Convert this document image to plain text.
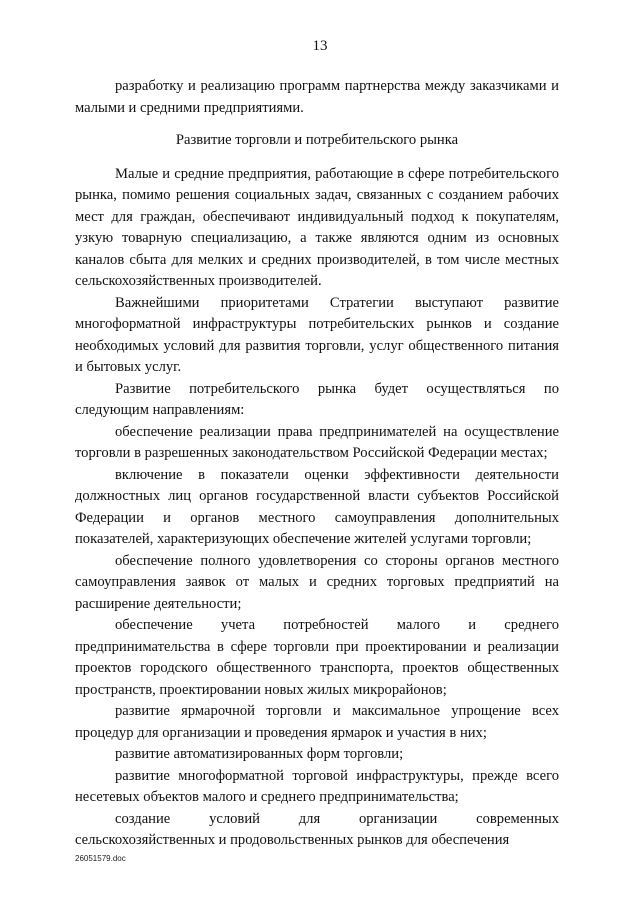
13

разработку и реализацию программ партнерства между заказчиками и малыми и средними предприятиями.

Развитие торговли и потребительского рынка

Малые и средние предприятия, работающие в сфере потребительского рынка, помимо решения социальных задач, связанных с созданием рабочих мест для граждан, обеспечивают индивидуальный подход к покупателям, узкую товарную специализацию, а также являются одним из основных каналов сбыта для мелких и средних производителей, в том числе местных сельскохозяйственных производителей.

Важнейшими приоритетами Стратегии выступают развитие многоформатной инфраструктуры потребительских рынков и создание необходимых условий для развития торговли, услуг общественного питания и бытовых услуг.

Развитие потребительского рынка будет осуществляться по следующим направлениям:

обеспечение реализации права предпринимателей на осуществление торговли в разрешенных законодательством Российской Федерации местах;

включение в показатели оценки эффективности деятельности должностных лиц органов государственной власти субъектов Российской Федерации и органов местного самоуправления дополнительных показателей, характеризующих обеспечение жителей услугами торговли;

обеспечение полного удовлетворения со стороны органов местного самоуправления заявок от малых и средних торговых предприятий на расширение деятельности;

обеспечение учета потребностей малого и среднего предпринимательства в сфере торговли при проектировании и реализации проектов городского общественного транспорта, проектов общественных пространств, проектировании новых жилых микрорайонов;

развитие ярмарочной торговли и максимальное упрощение всех процедур для организации и проведения ярмарок и участия в них;

развитие автоматизированных форм торговли;

развитие многоформатной торговой инфраструктуры, прежде всего несетевых объектов малого и среднего предпринимательства;

создание условий для организации современных сельскохозяйственных и продовольственных рынков для обеспечения

26051579.doc
